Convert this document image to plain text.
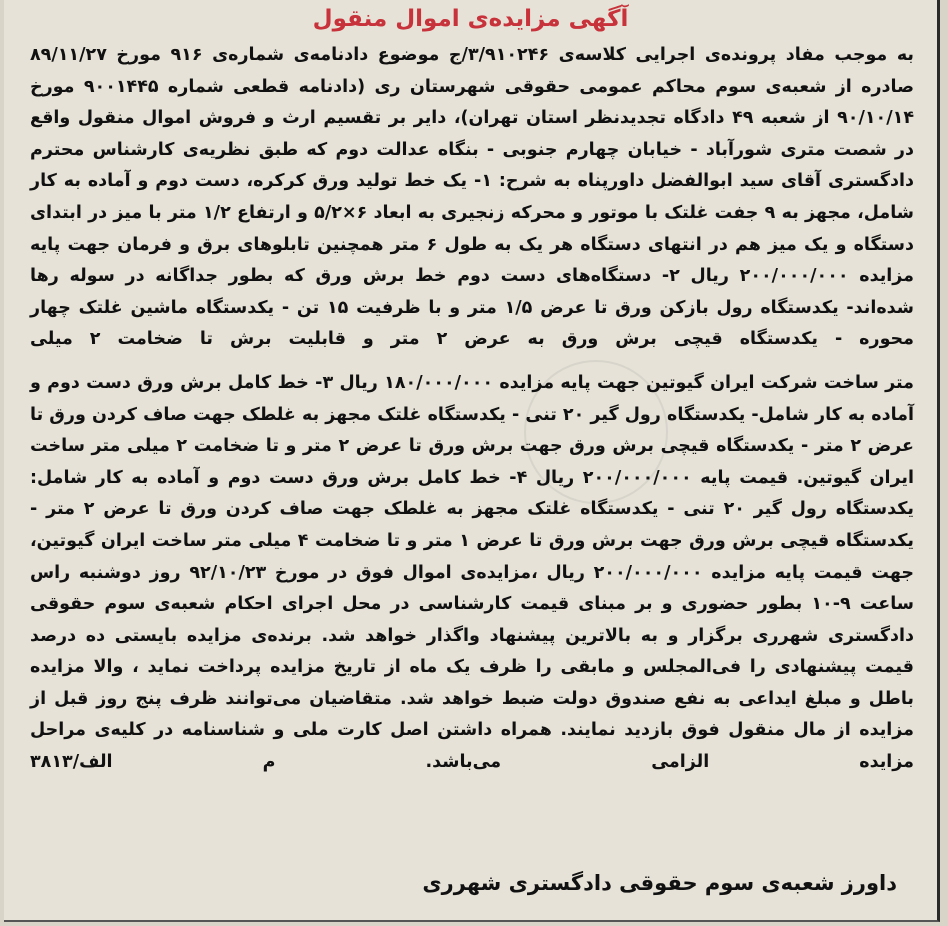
آگهی مزایده‌ی اموال منقول

به موجب مفاد پرونده‌ی اجرایی کلاسه‌ی ۳/۹۱۰۲۴۶/ج موضوع دادنامه‌ی شماره‌ی ۹۱۶ مورخ ۸۹/۱۱/۲۷ صادره از شعبه‌ی سوم محاکم عمومی حقوقی شهرستان ری (دادنامه قطعی شماره ۹۰۰۱۴۴۵ مورخ ۹۰/۱۰/۱۴ از شعبه ۴۹ دادگاه تجدیدنظر استان تهران)، دایر بر تقسیم ارث و فروش اموال منقول واقع در شصت متری شورآباد - خیابان چهارم جنوبی - بنگاه عدالت دوم که طبق نظریه‌ی کارشناس محترم دادگستری آقای سید ابوالفضل داورپناه به شرح: ۱- یک خط تولید ورق کرکره، دست دوم و آماده به کار شامل، مجهز به ۹ جفت غلتک با موتور و محرکه زنجیری به ابعاد ۶×۵/۲ و ارتفاع ۱/۲ متر با میز در ابتدای دستگاه و یک میز هم در انتهای دستگاه هر یک به طول ۶ متر همچنین تابلوهای برق و فرمان جهت پایه مزایده ۲۰۰/۰۰۰/۰۰۰ ریال ۲- دستگاه‌های دست دوم خط برش ورق که بطور جداگانه در سوله رها شده‌اند- یکدستگاه رول بازکن ورق تا عرض ۱/۵ متر و با ظرفیت ۱۵ تن - یکدستگاه ماشین غلتک چهار محوره - یکدستگاه قیچی برش ورق به عرض ۲ متر و قابلیت برش تا ضخامت ۲ میلی

متر ساخت شرکت ایران گیوتین جهت پایه مزایده ۱۸۰/۰۰۰/۰۰۰ ریال ۳- خط کامل برش ورق دست دوم و آماده به کار شامل- یکدستگاه رول گیر ۲۰ تنی - یکدستگاه غلتک مجهز به غلطک جهت صاف کردن ورق تا عرض ۲ متر - یکدستگاه قیچی برش ورق جهت برش ورق تا عرض ۲ متر و تا ضخامت ۲ میلی متر ساخت ایران گیوتین. قیمت پایه ۲۰۰/۰۰۰/۰۰۰ ریال ۴- خط کامل برش ورق دست دوم و آماده به کار شامل: یکدستگاه رول گیر ۲۰ تنی - یکدستگاه غلتک مجهز به غلطک جهت صاف کردن ورق تا عرض ۲ متر - یکدستگاه قیچی برش ورق جهت برش ورق تا عرض ۱ متر و تا ضخامت ۴ میلی متر ساخت ایران گیوتین، جهت قیمت پایه مزایده ۲۰۰/۰۰۰/۰۰۰ ریال ،مزایده‌ی اموال فوق در مورخ ۹۲/۱۰/۲۳ روز دوشنبه راس ساعت ۹-۱۰ بطور حضوری و بر مبنای قیمت کارشناسی در محل اجرای احکام شعبه‌ی سوم حقوقی دادگستری شهرری برگزار و به بالاترین پیشنهاد واگذار خواهد شد. برنده‌ی مزایده بایستی ده درصد قیمت پیشنهادی را فی‌المجلس و مابقی را ظرف یک ماه از تاریخ مزایده پرداخت نماید ، والا مزایده باطل و مبلغ ایداعی به نفع صندوق دولت ضبط خواهد شد. متقاضیان می‌توانند ظرف پنج روز قبل از مزایده از مال منقول فوق بازدید نمایند. همراه داشتن اصل کارت ملی و شناسنامه در کلیه‌ی مراحل مزایده الزامی می‌باشد. م الف/۳۸۱۳

داورز شعبه‌ی سوم حقوقی دادگستری شهرری
